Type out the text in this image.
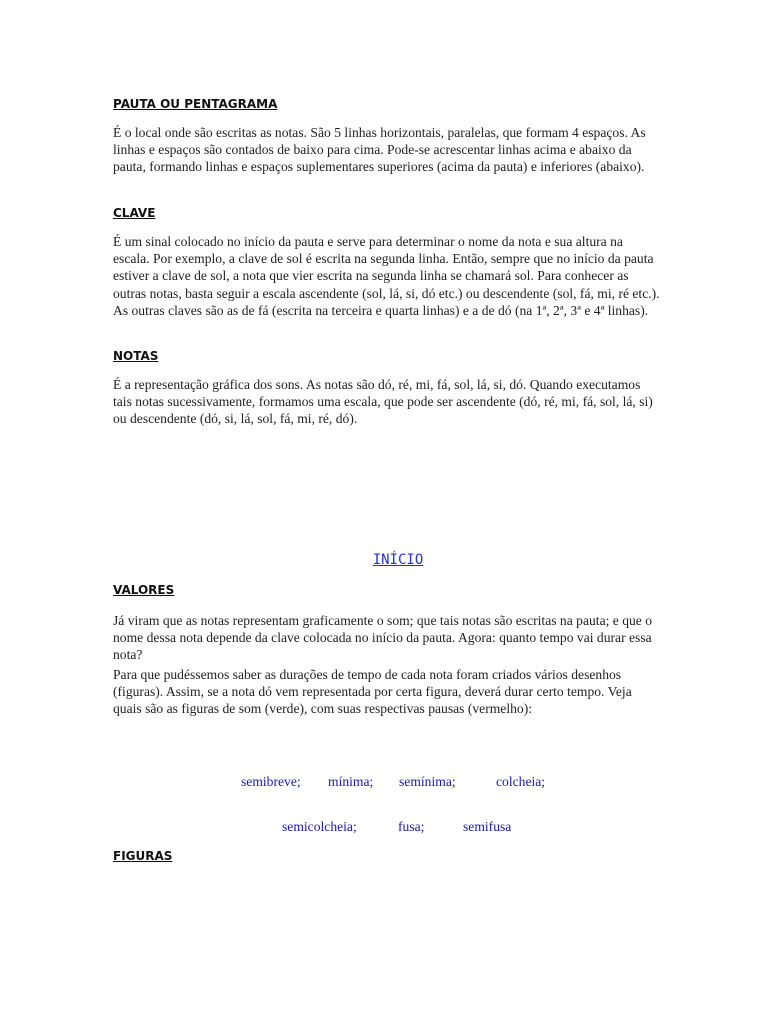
PAUTA OU PENTAGRAMA
É o local onde são escritas as notas. São 5 linhas horizontais, paralelas, que formam 4 espaços. As linhas e espaços são contados de baixo para cima. Pode-se acrescentar linhas acima e abaixo da pauta, formando linhas e espaços suplementares superiores (acima da pauta) e inferiores (abaixo).
CLAVE
É um sinal colocado no início da pauta e serve para determinar o nome da nota e sua altura na escala. Por exemplo, a clave de sol é escrita na segunda linha. Então, sempre que no início da pauta estiver a clave de sol, a nota que vier escrita na segunda linha se chamará sol. Para conhecer as outras notas, basta seguir a escala ascendente (sol, lá, si, dó etc.) ou descendente (sol, fá, mi, ré etc.). As outras claves são as de fá (escrita na terceira e quarta linhas) e a de dó (na 1ª, 2ª, 3ª e 4ª linhas).
NOTAS
É a representação gráfica dos sons. As notas são dó, ré, mi, fá, sol, lá, si, dó. Quando executamos tais notas sucessivamente, formamos uma escala, que pode ser ascendente (dó, ré, mi, fá, sol, lá, si) ou descendente (dó, si, lá, sol, fá, mi, ré, dó).
INÍCIO
VALORES
Já viram que as notas representam graficamente o som; que tais notas são escritas na pauta; e que o nome dessa nota depende da clave colocada no início da pauta. Agora: quanto tempo vai durar essa nota?
Para que pudéssemos saber as durações de tempo de cada nota foram criados vários desenhos (figuras). Assim, se a nota dó vem representada por certa figura, deverá durar certo tempo. Veja quais são as figuras de som (verde), com suas respectivas pausas (vermelho):
semibreve; mínima; semínima;	colcheia;
semicolcheia;	fusa;	semifusa
FIGURAS
